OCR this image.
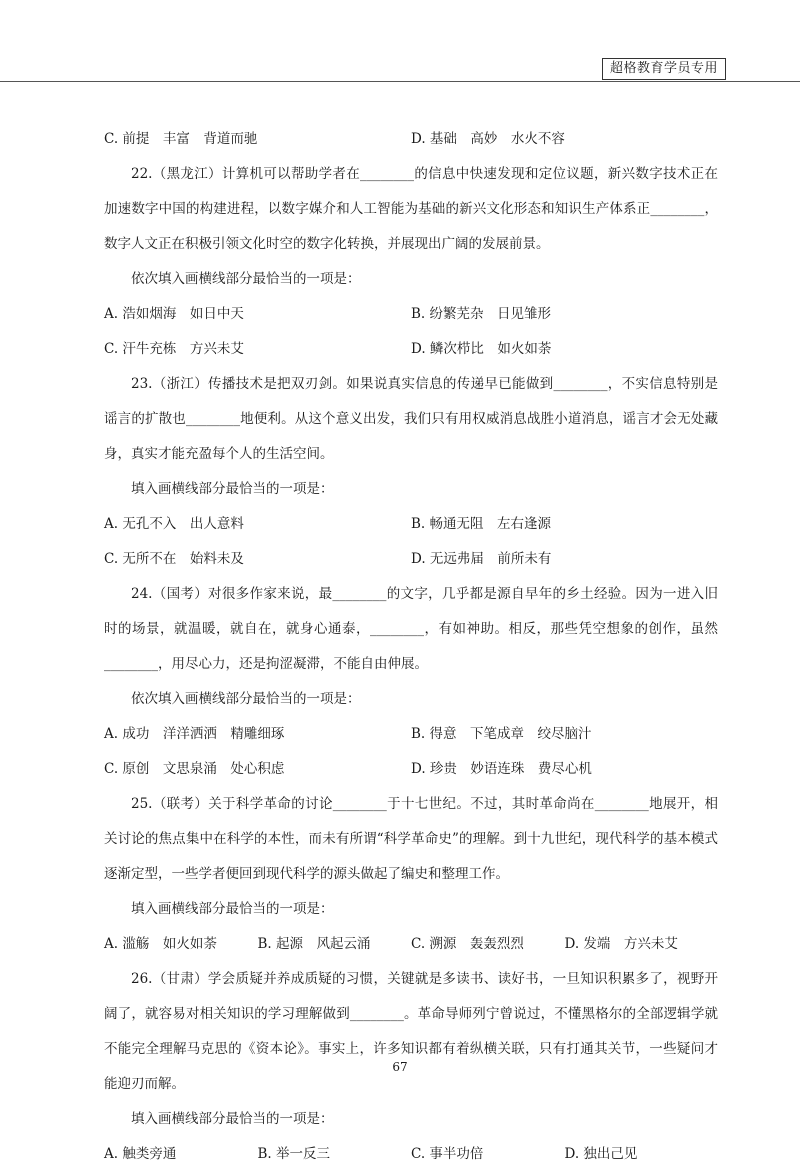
超格教育学员专用
C. 前提　丰富　背道而驰	D. 基础　高妙　水火不容

22.（黑龙江）计算机可以帮助学者在________的信息中快速发现和定位议题，新兴数字技术正在加速数字中国的构建进程，以数字媒介和人工智能为基础的新兴文化形态和知识生产体系正________，数字人文正在积极引领文化时空的数字化转换，并展现出广阔的发展前景。

依次填入画横线部分最恰当的一项是：

A. 浩如烟海　如日中天	B. 纷繁芜杂　日见雏形
C. 汗牛充栋　方兴未艾	D. 鳞次栉比　如火如荼

23.（浙江）传播技术是把双刃剑。如果说真实信息的传递早已能做到________，不实信息特别是谣言的扩散也________地便利。从这个意义出发，我们只有用权威消息战胜小道消息，谣言才会无处藏身，真实才能充盈每个人的生活空间。

填入画横线部分最恰当的一项是：

A. 无孔不入　出人意料	B. 畅通无阻　左右逢源
C. 无所不在　始料未及	D. 无远弗届　前所未有

24.（国考）对很多作家来说，最________的文字，几乎都是源自早年的乡土经验。因为一进入旧时的场景，就温暖，就自在，就身心通泰，________，有如神助。相反，那些凭空想象的创作，虽然________，用尽心力，还是拘涩凝滞，不能自由伸展。

依次填入画横线部分最恰当的一项是：

A. 成功　洋洋洒洒　精雕细琢	B. 得意　下笔成章　绞尽脑汁
C. 原创　文思泉涌　处心积虑	D. 珍贵　妙语连珠　费尽心机

25.（联考）关于科学革命的讨论________于十七世纪。不过，其时革命尚在________地展开，相关讨论的焦点集中在科学的本性，而未有所谓“科学革命史”的理解。到十九世纪，现代科学的基本模式逐渐定型，一些学者便回到现代科学的源头做起了编史和整理工作。

填入画横线部分最恰当的一项是：

A. 滥觞　如火如荼	B. 起源　风起云涌	C. 溯源　轰轰烈烈	D. 发端　方兴未艾

26.（甘肃）学会质疑并养成质疑的习惯，关键就是多读书、读好书，一旦知识积累多了，视野开阔了，就容易对相关知识的学习理解做到________。革命导师列宁曾说过，不懂黑格尔的全部逻辑学就不能完全理解马克思的《资本论》。事实上，许多知识都有着纵横关联，只有打通其关节，一些疑问才能迎刃而解。

填入画横线部分最恰当的一项是：

A. 触类旁通	B. 举一反三	C. 事半功倍	D. 独出己见
67
